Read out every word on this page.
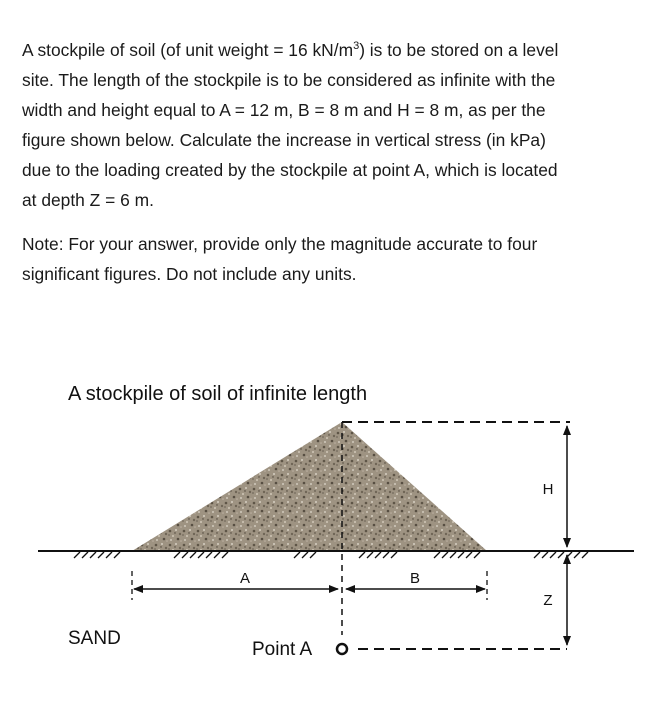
A stockpile of soil (of unit weight = 16 $kN/m^3$) is to be stored on a level
site. The length of the stockpile is to be considered as infinite with the
width and height equal to A = 12 m, B = 8 m and H = 8 m, as per the
figure shown below. Calculate the increase in vertical stress (in kPa)
due to the loading created by the stockpile at point A, which is located
at depth Z = 6 m.
Note: For your answer, provide only the magnitude accurate to four
significant figures. Do not include any units.
A stockpile of soil of infinite length
A	B
H
Z
SAND
Point A
